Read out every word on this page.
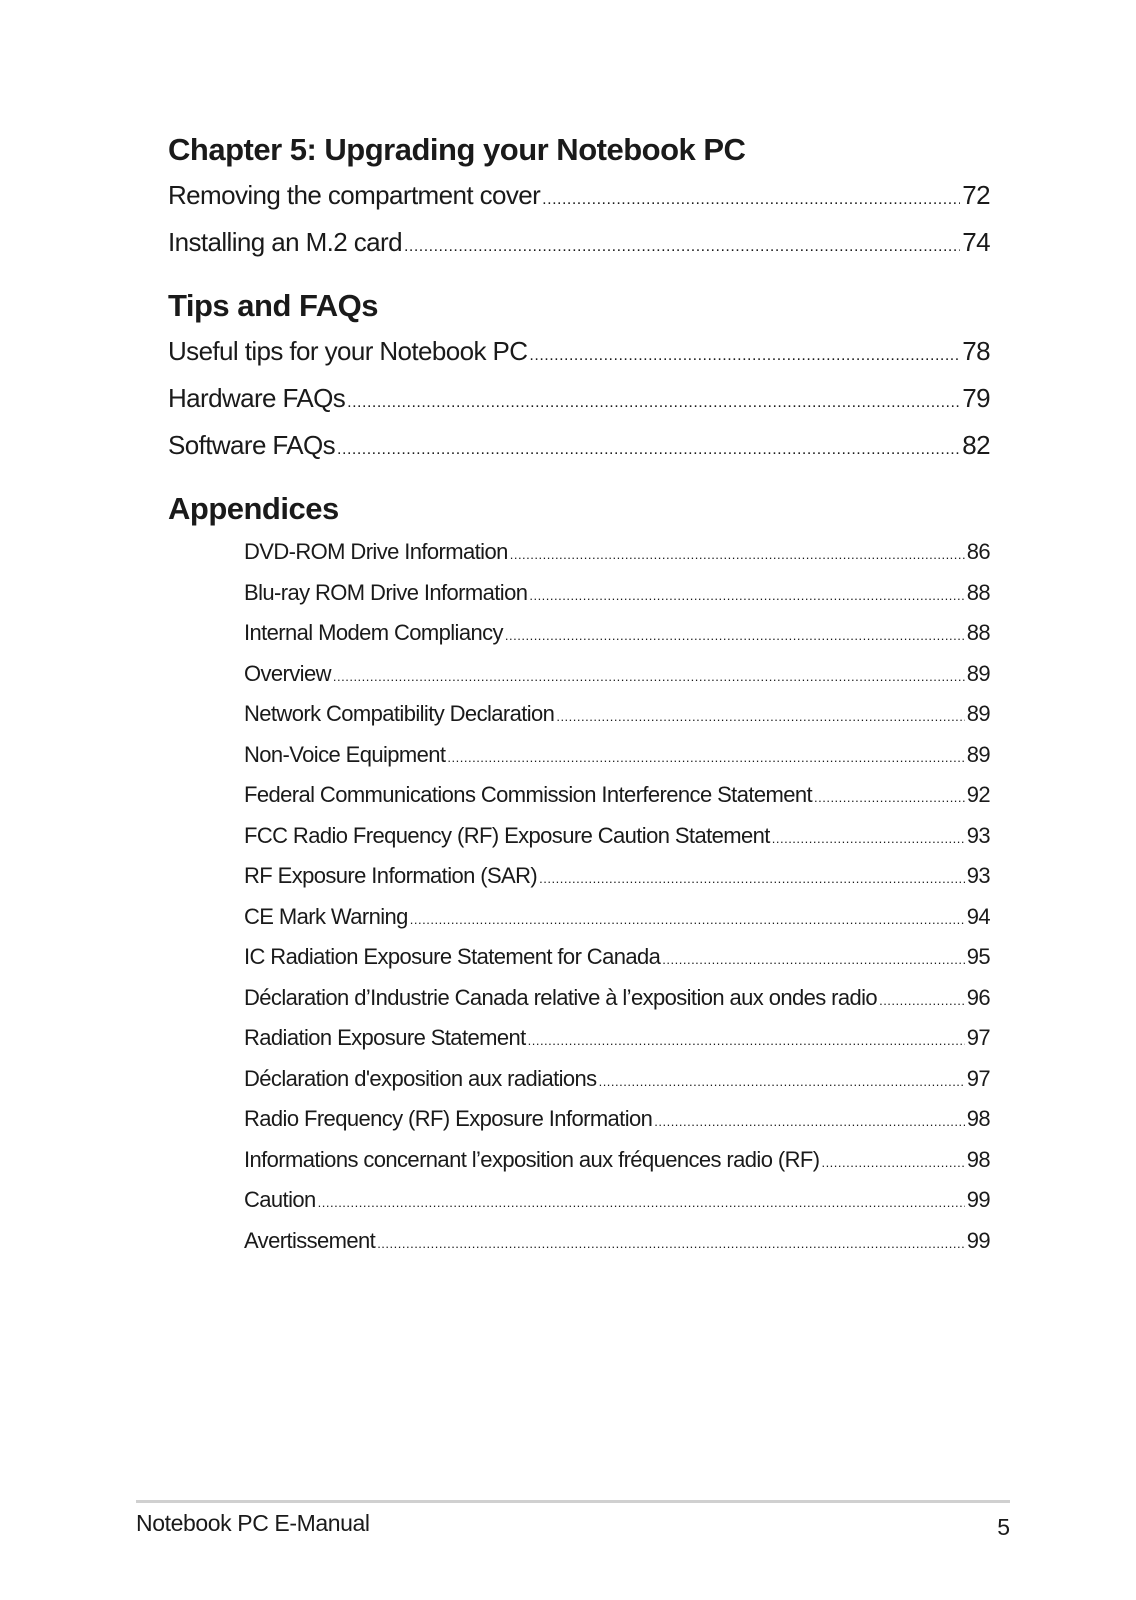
Chapter 5: Upgrading your Notebook PC
Removing the compartment cover .....	72
Installing an M.2 card .....	74
Tips and FAQs
Useful tips for your Notebook PC .....	78
Hardware FAQs .....	79
Software FAQs .....	82
Appendices
DVD-ROM Drive Information .....	86
Blu-ray ROM Drive Information .....	88
Internal Modem Compliancy .....	88
Overview .....	89
Network Compatibility Declaration .....	89
Non-Voice Equipment .....	89
Federal Communications Commission Interference Statement .....	92
FCC Radio Frequency (RF) Exposure Caution Statement .....	93
RF Exposure Information (SAR) .....	93
CE Mark Warning .....	94
IC Radiation Exposure Statement for Canada .....	95
Déclaration d’Industrie Canada relative à l’exposition aux ondes radio .....	96
Radiation Exposure Statement .....	97
Déclaration d'exposition aux radiations .....	97
Radio Frequency (RF) Exposure Information .....	98
Informations concernant l’exposition aux fréquences radio (RF) .....	98
Caution .....	99
Avertissement .....	99
Notebook PC E-Manual	5
